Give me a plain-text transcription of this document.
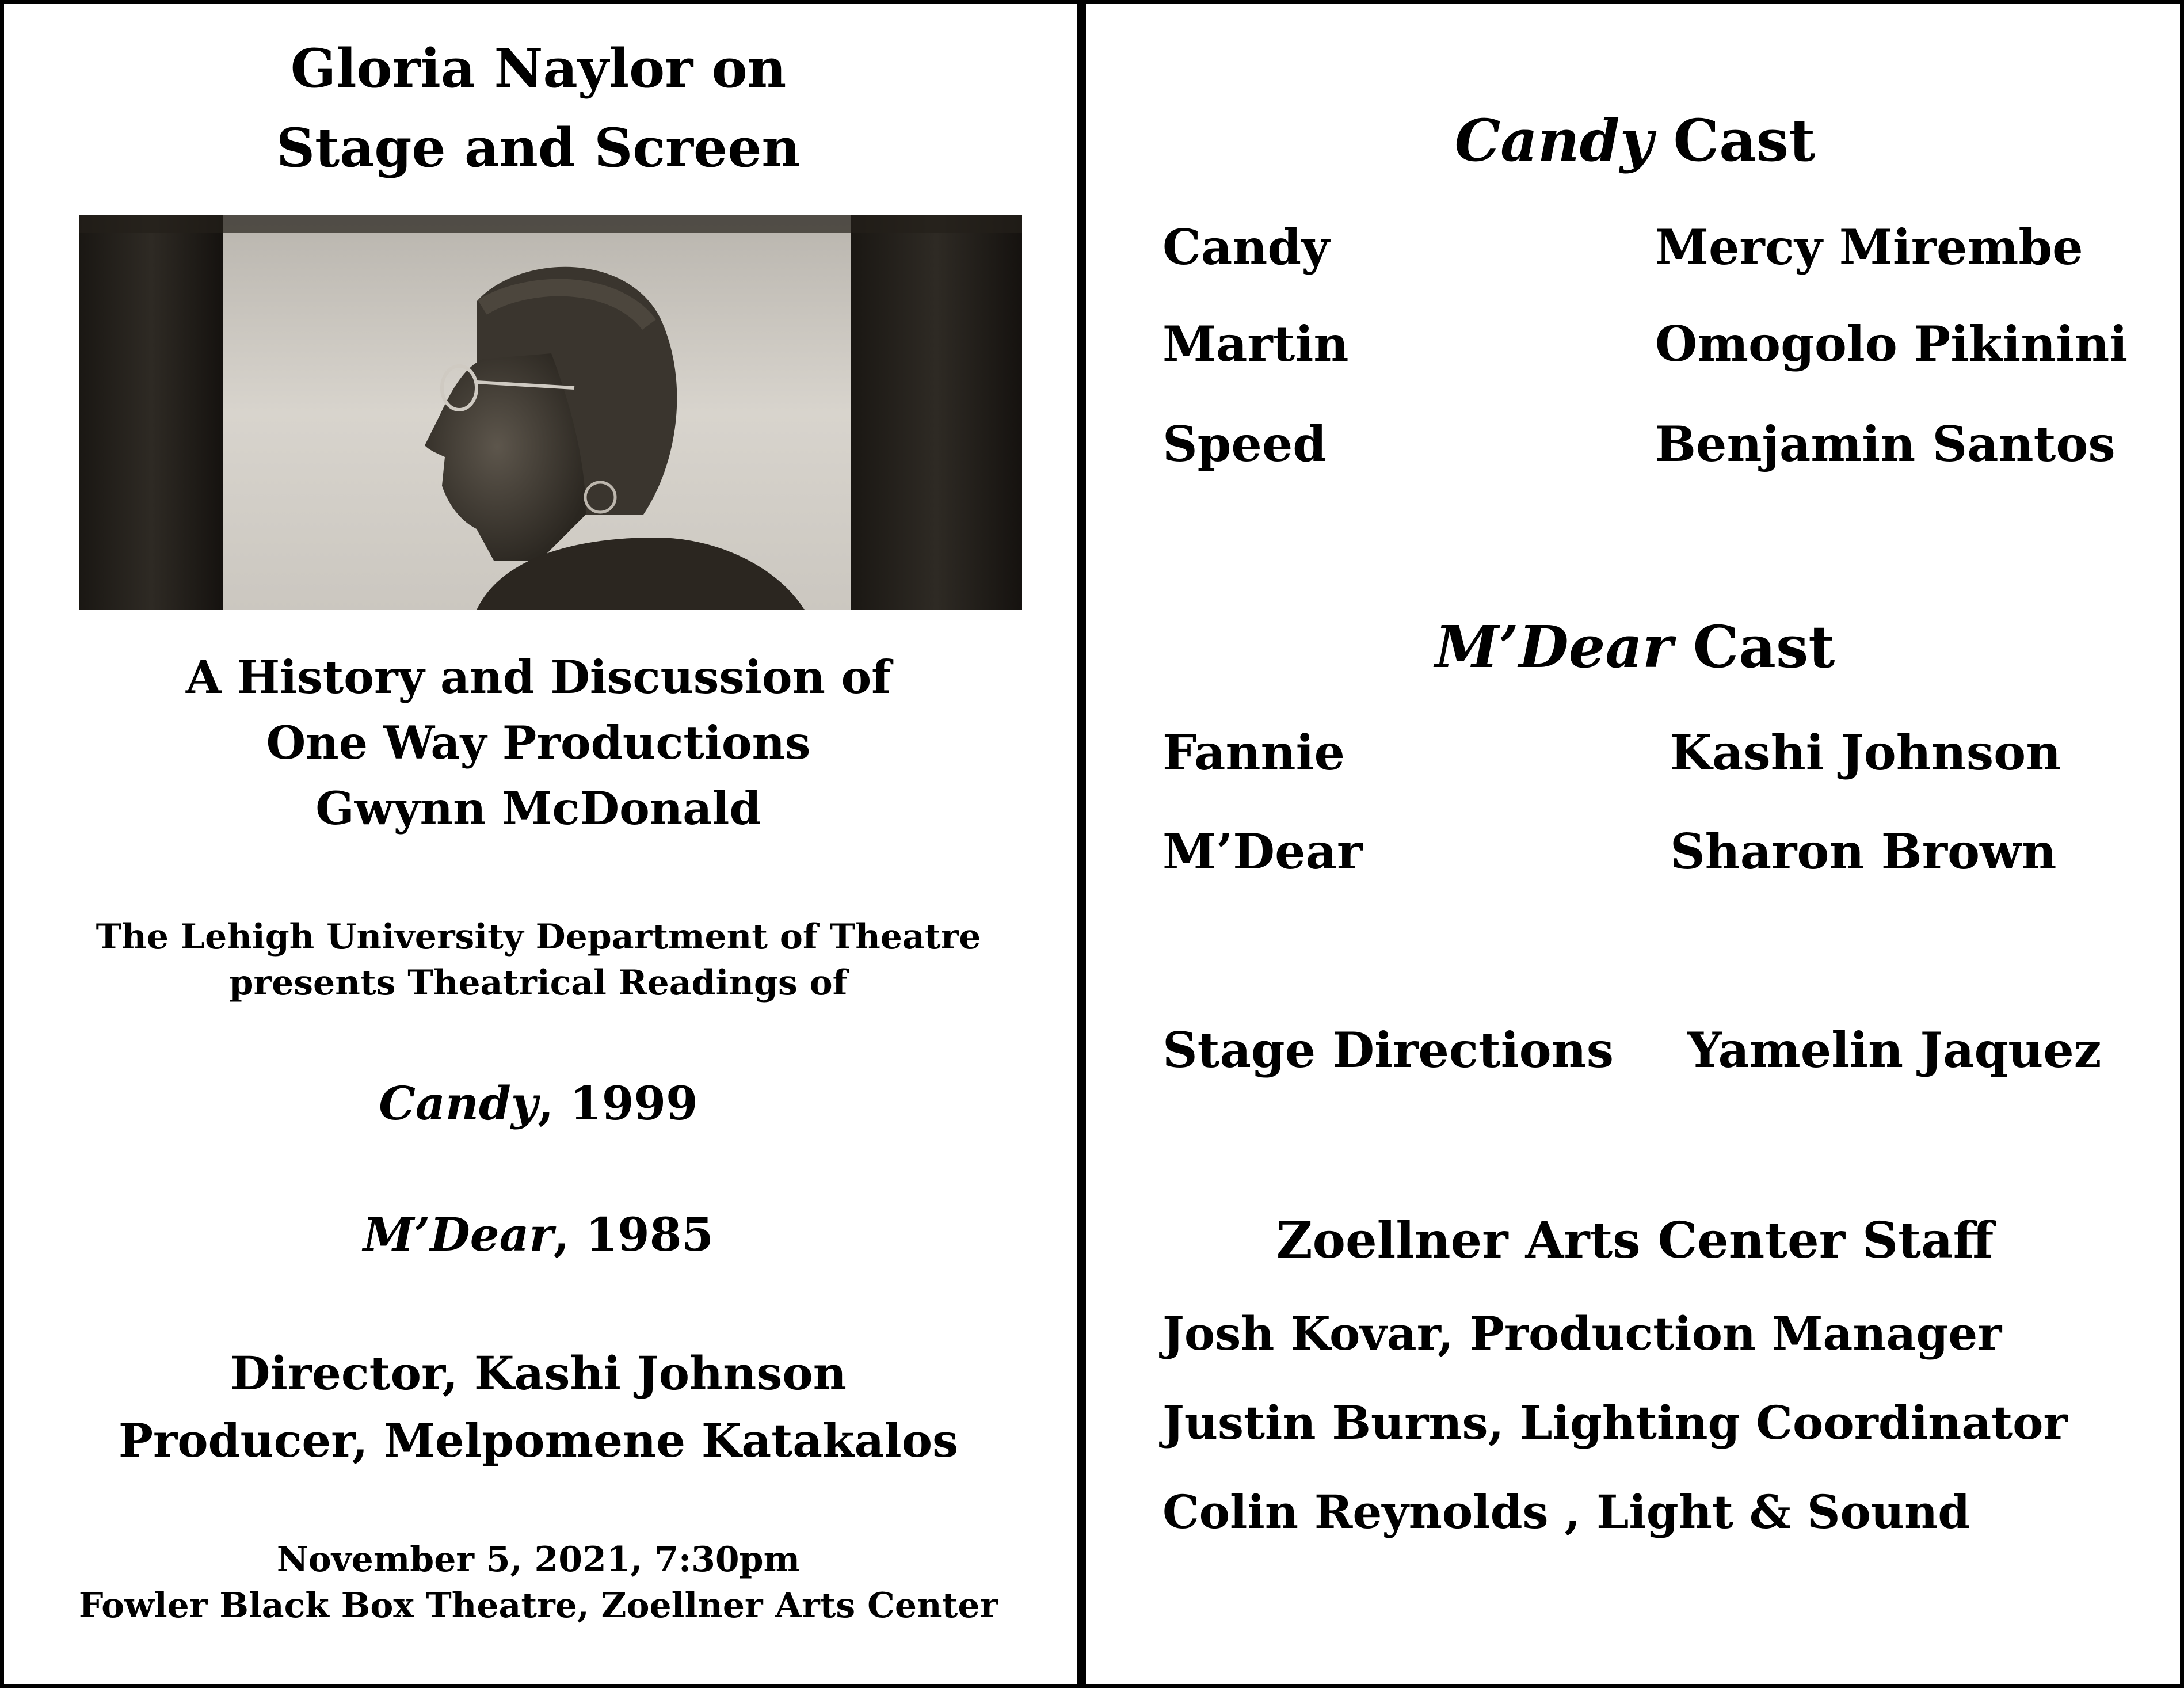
Gloria Naylor on
Stage and Screen
A History and Discussion of
One Way Productions
Gwynn McDonald
The Lehigh University Department of Theatre
presents Theatrical Readings of
Candy, 1999
M’Dear, 1985
Director, Kashi Johnson
Producer, Melpomene Katakalos
November 5, 2021, 7:30pm
Fowler Black Box Theatre, Zoellner Arts Center
Candy Cast
Candy	Mercy Mirembe
Martin	Omogolo Pikinini
Speed	Benjamin Santos
M’Dear Cast
Fannie	Kashi Johnson
M’Dear	Sharon Brown
Stage Directions Yamelin Jaquez
Zoellner Arts Center Staff
Josh Kovar, Production Manager
Justin Burns, Lighting Coordinator
Colin Reynolds , Light & Sound
